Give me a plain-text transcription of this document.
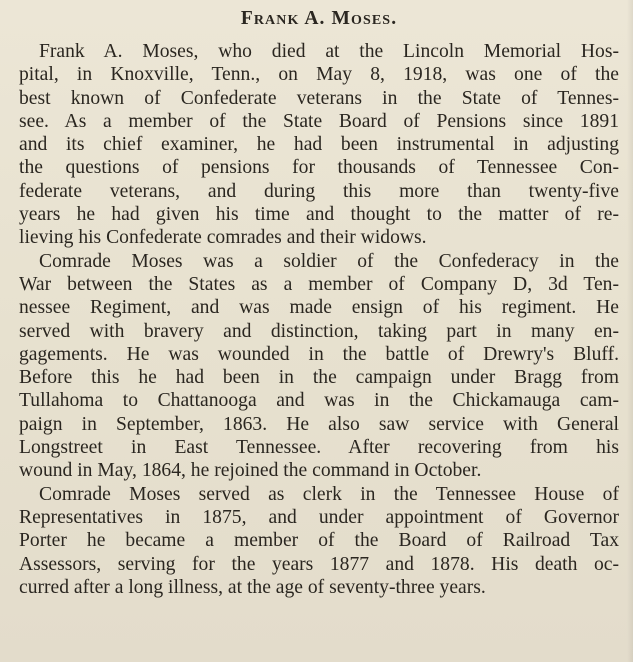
Frank A. Moses.
Frank A. Moses, who died at the Lincoln Memorial Hos-
pital, in Knoxville, Tenn., on May 8, 1918, was one of the
best known of Confederate veterans in the State of Tennes-
see. As a member of the State Board of Pensions since 1891
and its chief examiner, he had been instrumental in adjusting
the questions of pensions for thousands of Tennessee Con-
federate veterans, and during this more than twenty-five
years he had given his time and thought to the matter of re-
lieving his Confederate comrades and their widows.
Comrade Moses was a soldier of the Confederacy in the
War between the States as a member of Company D, 3d Ten-
nessee Regiment, and was made ensign of his regiment. He
served with bravery and distinction, taking part in many en-
gagements. He was wounded in the battle of Drewry's Bluff.
Before this he had been in the campaign under Bragg from
Tullahoma to Chattanooga and was in the Chickamauga cam-
paign in September, 1863. He also saw service with General
Longstreet in East Tennessee. After recovering from his
wound in May, 1864, he rejoined the command in October.
Comrade Moses served as clerk in the Tennessee House of
Representatives in 1875, and under appointment of Governor
Porter he became a member of the Board of Railroad Tax
Assessors, serving for the years 1877 and 1878. His death oc-
curred after a long illness, at the age of seventy-three years.
